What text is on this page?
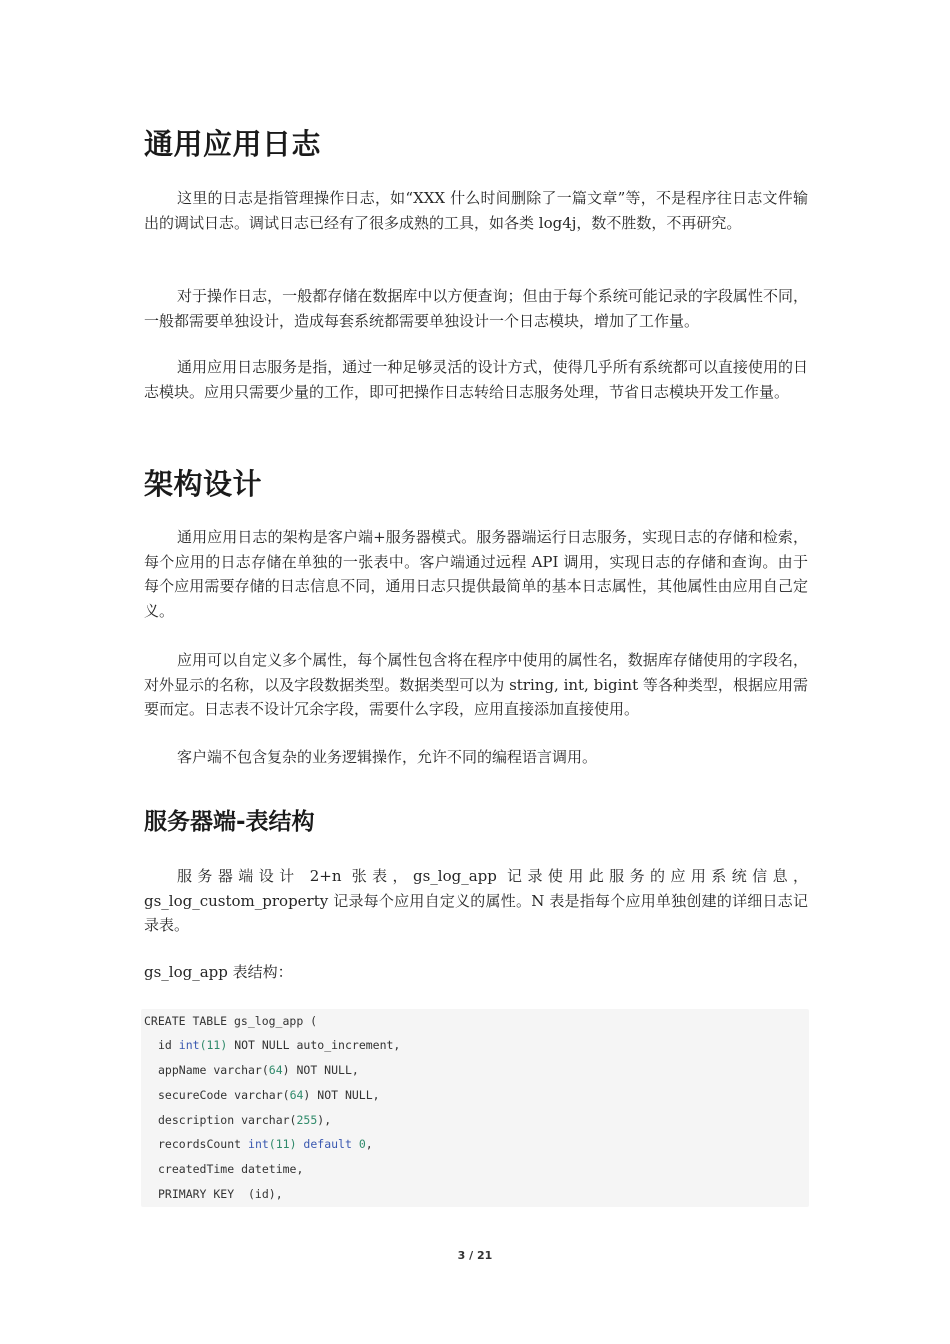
通用应用日志

这里的日志是指管理操作日志，如“XXX 什么时间删除了一篇文章”等，不是程序往日志文件输出的调试日志。调试日志已经有了很多成熟的工具，如各类 log4j，数不胜数，不再研究。

对于操作日志，一般都存储在数据库中以方便查询；但由于每个系统可能记录的字段属性不同，一般都需要单独设计，造成每套系统都需要单独设计一个日志模块，增加了工作量。

通用应用日志服务是指，通过一种足够灵活的设计方式，使得几乎所有系统都可以直接使用的日志模块。应用只需要少量的工作，即可把操作日志转给日志服务处理，节省日志模块开发工作量。

架构设计

通用应用日志的架构是客户端+服务器模式。服务器端运行日志服务，实现日志的存储和检索，每个应用的日志存储在单独的一张表中。客户端通过远程 API 调用，实现日志的存储和查询。由于每个应用需要存储的日志信息不同，通用日志只提供最简单的基本日志属性，其他属性由应用自己定义。

应用可以自定义多个属性，每个属性包含将在程序中使用的属性名，数据库存储使用的字段名，对外显示的名称，以及字段数据类型。数据类型可以为 string, int, bigint 等各种类型，根据应用需要而定。日志表不设计冗余字段，需要什么字段，应用直接添加直接使用。

客户端不包含复杂的业务逻辑操作，允许不同的编程语言调用。

服务器端-表结构

服务器端设计 2+n 张表，gs_log_app 记录使用此服务的应用系统信息，gs_log_custom_property 记录每个应用自定义的属性。N 表是指每个应用单独创建的详细日志记录表。

gs_log_app 表结构：

CREATE TABLE gs_log_app (
id int(11) NOT NULL auto_increment,
appName varchar(64) NOT NULL,
secureCode varchar(64) NOT NULL,
description varchar(255),
recordsCount int(11) default 0,
createdTime datetime,
PRIMARY KEY  (id),
3 / 21
